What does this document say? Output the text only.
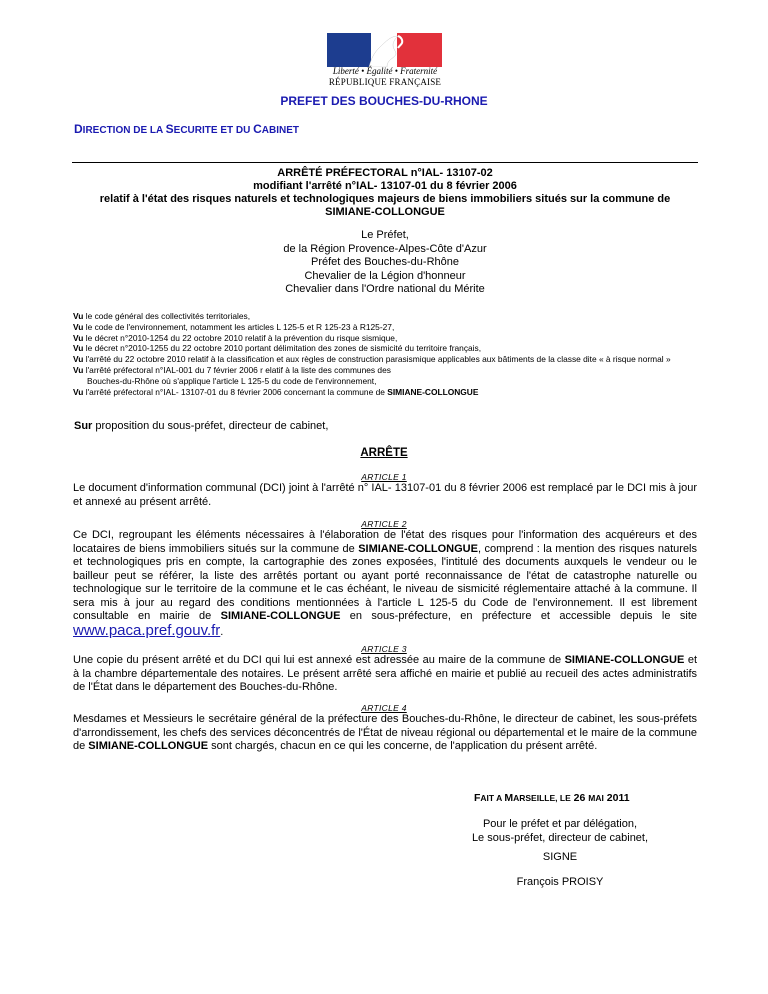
Liberté • Égalité • Fraternité
RÉPUBLIQUE FRANÇAISE
PREFET DES BOUCHES-DU-RHONE
DIRECTION DE LA SECURITE ET DU CABINET
ARRÊTÉ PRÉFECTORAL n°IAL- 13107-02
modifiant l'arrêté n°IAL- 13107-01 du 8 février 2006
relatif à l'état des risques naturels et technologiques majeurs de biens immobiliers situés sur la commune de
SIMIANE-COLLONGUE
Le Préfet,
de la Région Provence-Alpes-Côte d'Azur
Préfet des Bouches-du-Rhône
Chevalier de la Légion d'honneur
Chevalier dans l'Ordre national du Mérite
Vu le code général des collectivités territoriales,
Vu le code de l'environnement, notamment les articles L 125-5 et R 125-23 à R125-27,
Vu le décret n°2010-1254 du 22 octobre 2010 relatif à la prévention du risque sismique,
Vu le décret n°2010-1255 du 22 octobre 2010 portant délimitation des zones de sismicité du territoire français,
Vu l'arrêté du 22 octobre 2010 relatif à la classification et aux règles de construction parasismique applicables aux bâtiments de la classe dite « à risque normal »
Vu l'arrêté préfectoral n°IAL-001 du 7 février 2006 r elatif à la liste des communes des
Bouches-du-Rhône où s'applique l'article L 125-5 du code de l'environnement,
Vu l'arrêté préfectoral n°IAL- 13107-01 du 8 février 2006 concernant la commune de SIMIANE-COLLONGUE
Sur proposition du sous-préfet, directeur de cabinet,
ARRÊTE
ARTICLE 1
Le document d'information communal (DCI) joint à l'arrêté n° IAL- 13107-01 du 8 février 2006 est remplacé par le DCI mis à jour et annexé au présent arrêté.
ARTICLE 2
Ce DCI, regroupant les éléments nécessaires à l'élaboration de l'état des risques pour l'information des acquéreurs et des locataires de biens immobiliers situés sur la commune de SIMIANE-COLLONGUE, comprend : la mention des risques naturels et technologiques pris en compte, la cartographie des zones exposées, l'intitulé des documents auxquels le vendeur ou le bailleur peut se référer, la liste des arrêtés portant ou ayant porté reconnaissance de l'état de catastrophe naturelle ou technologique sur le territoire de la commune et le cas échéant, le niveau de sismicité réglementaire attaché à la commune. Il sera mis à jour au regard des conditions mentionnées à l'article L 125-5 du Code de l'environnement. Il est librement consultable en mairie de SIMIANE-COLLONGUE en sous-préfecture, en préfecture et accessible depuis le site www.paca.pref.gouv.fr.
ARTICLE 3
Une copie du présent arrêté et du DCI qui lui est annexé est adressée au maire de la commune de SIMIANE-COLLONGUE et à la chambre départementale des notaires. Le présent arrêté sera affiché en mairie et publié au recueil des actes administratifs de l'État dans le département des Bouches-du-Rhône.
ARTICLE 4
Mesdames et Messieurs le secrétaire général de la préfecture des Bouches-du-Rhône, le directeur de cabinet, les sous-préfets d'arrondissement, les chefs des services déconcentrés de l'État de niveau régional ou départemental et le maire de la commune de SIMIANE-COLLONGUE sont chargés, chacun en ce qui les concerne, de l'application du présent arrêté.
FAIT A MARSEILLE, LE 26 MAI 2011
Pour le préfet et par délégation,
Le sous-préfet, directeur de cabinet,
SIGNE
François PROISY
